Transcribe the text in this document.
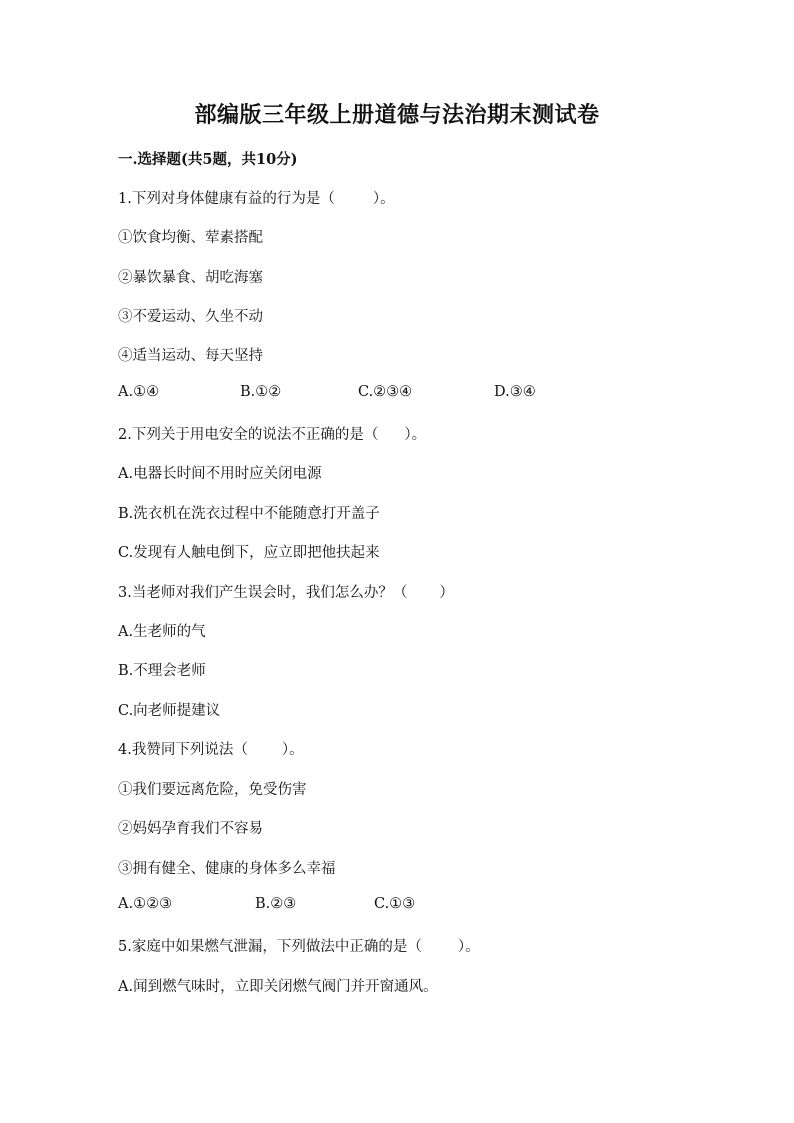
部编版三年级上册道德与法治期末测试卷
一.选择题(共5题，共10分)
1.下列对身体健康有益的行为是（	）。
①饮食均衡、荤素搭配
②暴饮暴食、胡吃海塞
③不爱运动、久坐不动
④适当运动、每天坚持
A.①④	B.①②	C.②③④	D.③④
2.下列关于用电安全的说法不正确的是（ ）。
A.电器长时间不用时应关闭电源
B.洗衣机在洗衣过程中不能随意打开盖子
C.发现有人触电倒下，应立即把他扶起来
3.当老师对我们产生误会时，我们怎么办？（ ）
A.生老师的气
B.不理会老师
C.向老师提建议
4.我赞同下列说法（ ）。
①我们要远离危险，免受伤害
②妈妈孕育我们不容易
③拥有健全、健康的身体多么幸福
A.①②③	B.②③	C.①③
5.家庭中如果燃气泄漏，下列做法中正确的是（ ）。
A.闻到燃气味时，立即关闭燃气阀门并开窗通风。
